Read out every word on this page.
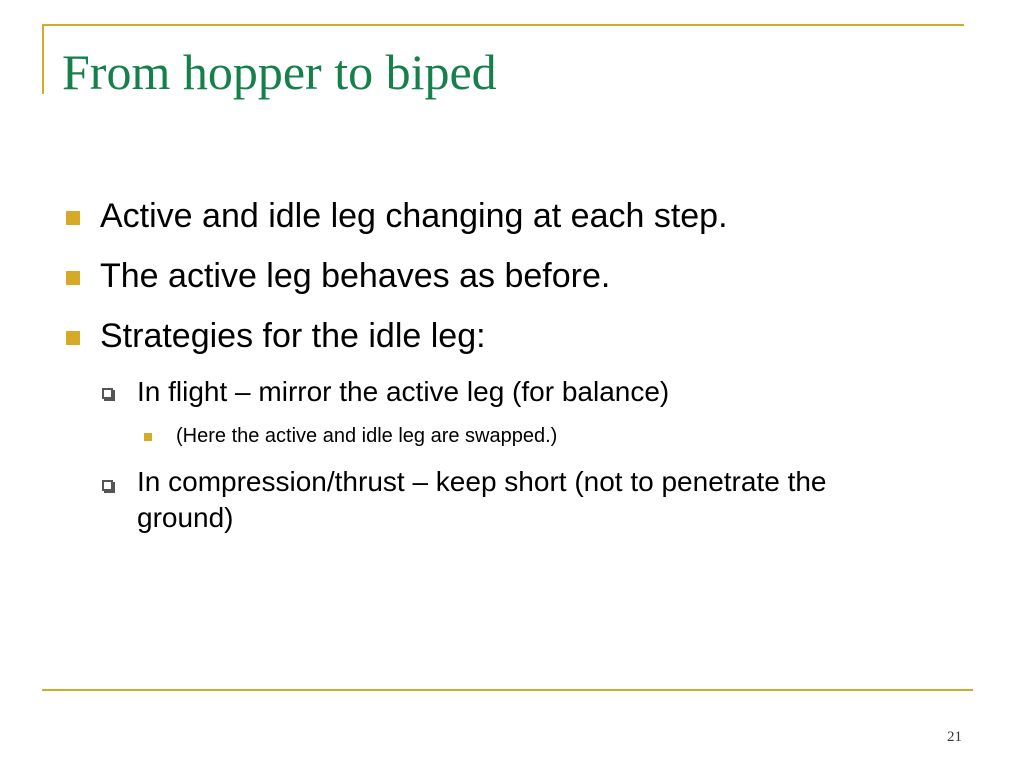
From hopper to biped
Active and idle leg changing at each step.
The active leg behaves as before.
Strategies for the idle leg:
In flight – mirror the active leg (for balance)
(Here the active and idle leg are swapped.)
In compression/thrust – keep short (not to penetrate the ground)
21
